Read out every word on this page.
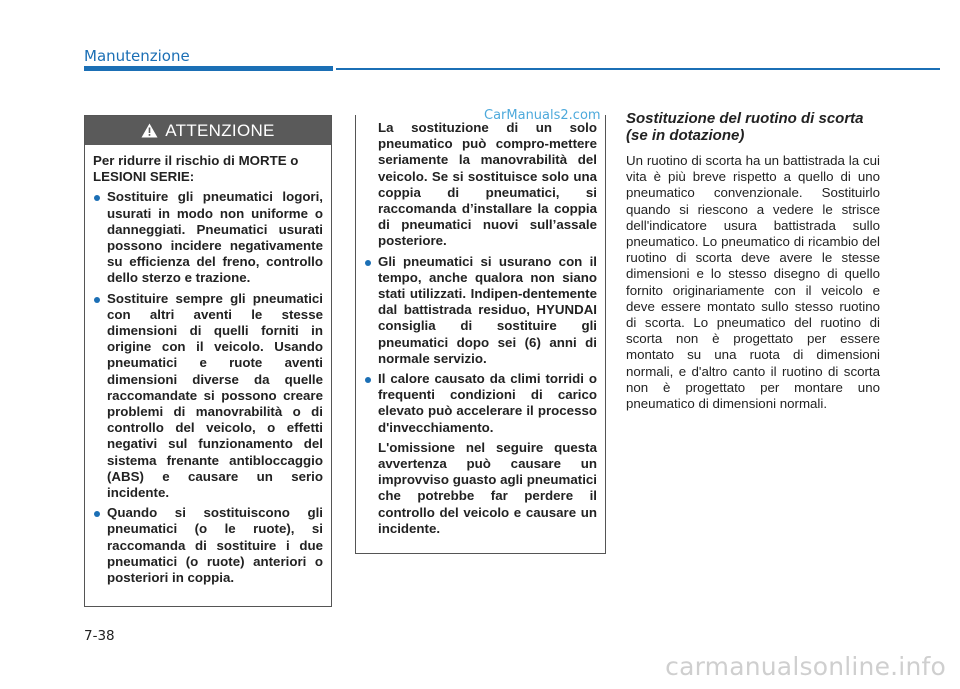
Manutenzione
ATTENZIONE

Per ridurre il rischio di MORTE o LESIONI SERIE:

Sostituire gli pneumatici logori, usurati in modo non uniforme o danneggiati. Pneumatici usurati possono incidere negativamente su efficienza del freno, controllo dello sterzo e trazione.
Sostituire sempre gli pneumatici con altri aventi le stesse dimensioni di quelli forniti in origine con il veicolo. Usando pneumatici e ruote aventi dimensioni diverse da quelle raccomandate si possono creare problemi di manovrabilità o di controllo del veicolo, o effetti negativi sul funzionamento del sistema frenante antibloccaggio (ABS) e causare un serio incidente.
Quando si sostituiscono gli pneumatici (o le ruote), si raccomanda di sostituire i due pneumatici (o ruote) anteriori o posteriori in coppia.

La sostituzione di un solo pneumatico può compro-mettere seriamente la manovrabilità del veicolo. Se si sostituisce solo una coppia di pneumatici, si raccomanda d’installare la coppia di pneumatici nuovi sull’assale posteriore.

Gli pneumatici si usurano con il tempo, anche qualora non siano stati utilizzati. Indipen-dentemente dal battistrada residuo, HYUNDAI consiglia di sostituire gli pneumatici dopo sei (6) anni di normale servizio.
Il calore causato da climi torridi o frequenti condizioni di carico elevato può accelerare il processo d'invecchiamento.

L'omissione nel seguire questa avvertenza può causare un improvviso guasto agli pneumatici che potrebbe far perdere il controllo del veicolo e causare un incidente.

CarManuals2.com Sostituzione del ruotino di scorta (se in dotazione)

Un ruotino di scorta ha un battistrada la cui vita è più breve rispetto a quello di uno pneumatico convenzionale. Sostituirlo quando si riescono a vedere le strisce dell'indicatore usura battistrada sullo pneumatico. Lo pneumatico di ricambio del ruotino di scorta deve avere le stesse dimensioni e lo stesso disegno di quello fornito originariamente con il veicolo e deve essere montato sullo stesso ruotino di scorta. Lo pneumatico del ruotino di scorta non è progettato per essere montato su una ruota di dimensioni normali, e d'altro canto il ruotino di scorta non è progettato per montare uno pneumatico di dimensioni normali.

7-38
carmanualsonline.info
